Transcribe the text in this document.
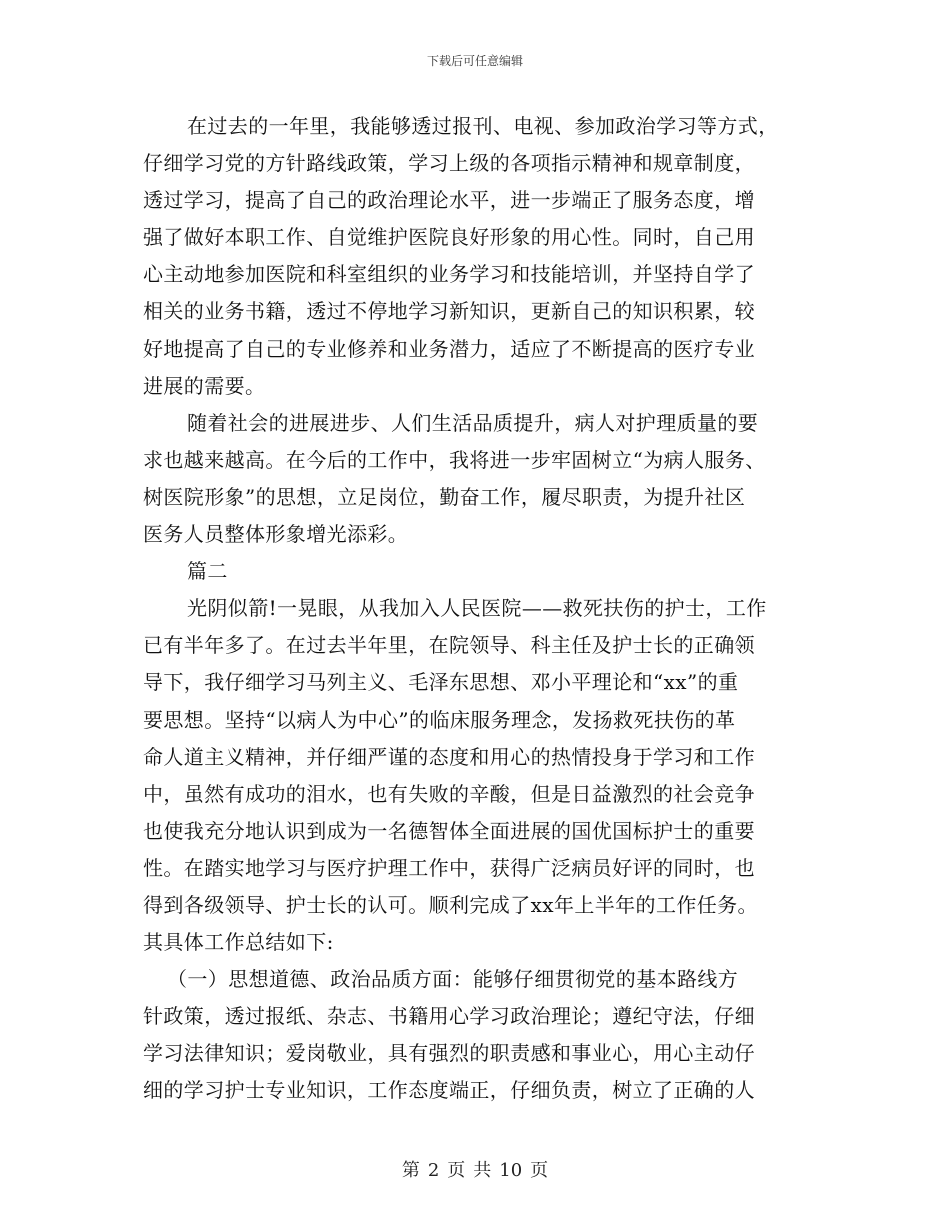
下载后可任意编辑
在过去的一年里，我能够透过报刊、电视、参加政治学习等方式，
仔细学习党的方针路线政策，学习上级的各项指示精神和规章制度，
透过学习，提高了自己的政治理论水平，进一步端正了服务态度，增
强了做好本职工作、自觉维护医院良好形象的用心性。同时，自己用
心主动地参加医院和科室组织的业务学习和技能培训，并坚持自学了
相关的业务书籍，透过不停地学习新知识，更新自己的知识积累，较
好地提高了自己的专业修养和业务潜力，适应了不断提高的医疗专业
进展的需要。
随着社会的进展进步、人们生活品质提升，病人对护理质量的要
求也越来越高。在今后的工作中，我将进一步牢固树立“为病人服务、
树医院形象”的思想，立足岗位，勤奋工作，履尽职责，为提升社区
医务人员整体形象增光添彩。
篇二
光阴似箭!一晃眼，从我加入人民医院——救死扶伤的护士，工作
已有半年多了。在过去半年里，在院领导、科主任及护士长的正确领
导下，我仔细学习马列主义、毛泽东思想、邓小平理论和“xx”的重
要思想。坚持“以病人为中心”的临床服务理念，发扬救死扶伤的革
命人道主义精神，并仔细严谨的态度和用心的热情投身于学习和工作
中，虽然有成功的泪水，也有失败的辛酸，但是日益激烈的社会竞争
也使我充分地认识到成为一名德智体全面进展的国优国标护士的重要
性。在踏实地学习与医疗护理工作中，获得广泛病员好评的同时，也
得到各级领导、护士长的认可。顺利完成了xx年上半年的工作任务。
其具体工作总结如下:
（一）思想道德、政治品质方面：能够仔细贯彻党的基本路线方
针政策，透过报纸、杂志、书籍用心学习政治理论；遵纪守法，仔细
学习法律知识；爱岗敬业，具有强烈的职责感和事业心，用心主动仔
细的学习护士专业知识，工作态度端正，仔细负责，树立了正确的人
第 2 页 共 10 页
